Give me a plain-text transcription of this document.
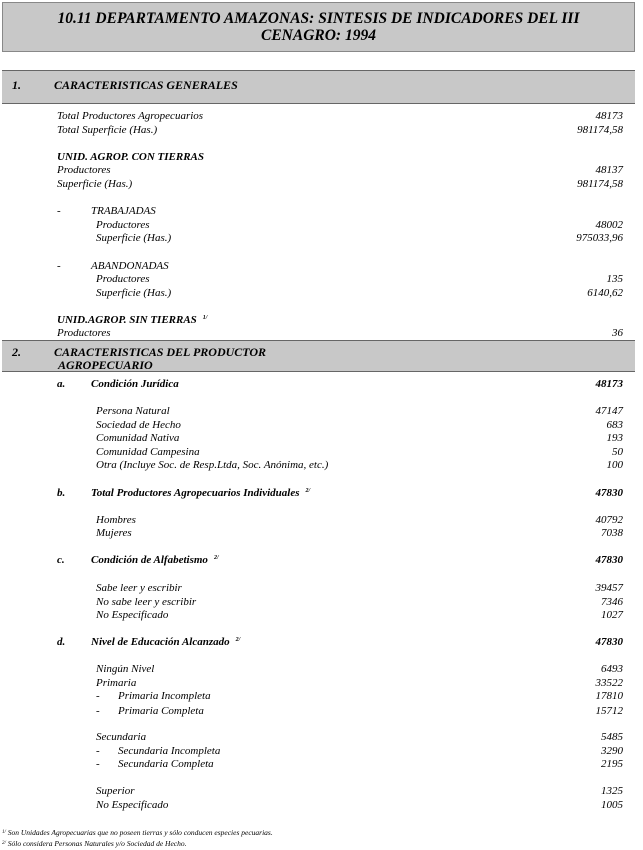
10.11 DEPARTAMENTO AMAZONAS: SINTESIS DE INDICADORES DEL III
CENAGRO: 1994
1.	CARACTERISTICAS GENERALES
Total Productores Agropecuarios	48173
Total Superficie (Has.)	981174,58
UNID. AGROP. CON TIERRAS
Productores	48137
Superficie (Has.)	981174,58
-	TRABAJADAS
Productores	48002
Superficie (Has.)	975033,96
-	ABANDONADAS
Productores	135
Superficie (Has.)	6140,62
UNID.AGROP. SIN TIERRAS $^{1/}$
Productores	36
2.	CARACTERISTICAS DEL PRODUCTOR
AGROPECUARIO
a. Condición Jurídica	48173
Persona Natural	47147
Sociedad de Hecho	683
Comunidad Nativa	193
Comunidad Campesina	50
Otra (Incluye Soc. de Resp.Ltda, Soc. Anónima, etc.)	100
b. Total Productores Agropecuarios Individuales $^{2/}$	47830
Hombres	40792
Mujeres	7038
c. Condición de Alfabetismo $^{2/}$	47830
Sabe leer y escribir	39457
No sabe leer y escribir	7346
No Especificado	1027
d. Nivel de Educación Alcanzado $^{2/}$	47830
Ningún Nivel	6493
Primaria	33522
- Primaria Incompleta	17810
- Primaria Completa	15712
Secundaria	5485
- Secundaria Incompleta	3290
- Secundaria Completa	2195
Superior	1325
No Especificado	1005
$^{1/}$ Son Unidades Agropecuarias que no poseen tierras y sólo conducen especies pecuarias.
$^{2/}$ Sólo considera Personas Naturales y/o Sociedad de Hecho.
